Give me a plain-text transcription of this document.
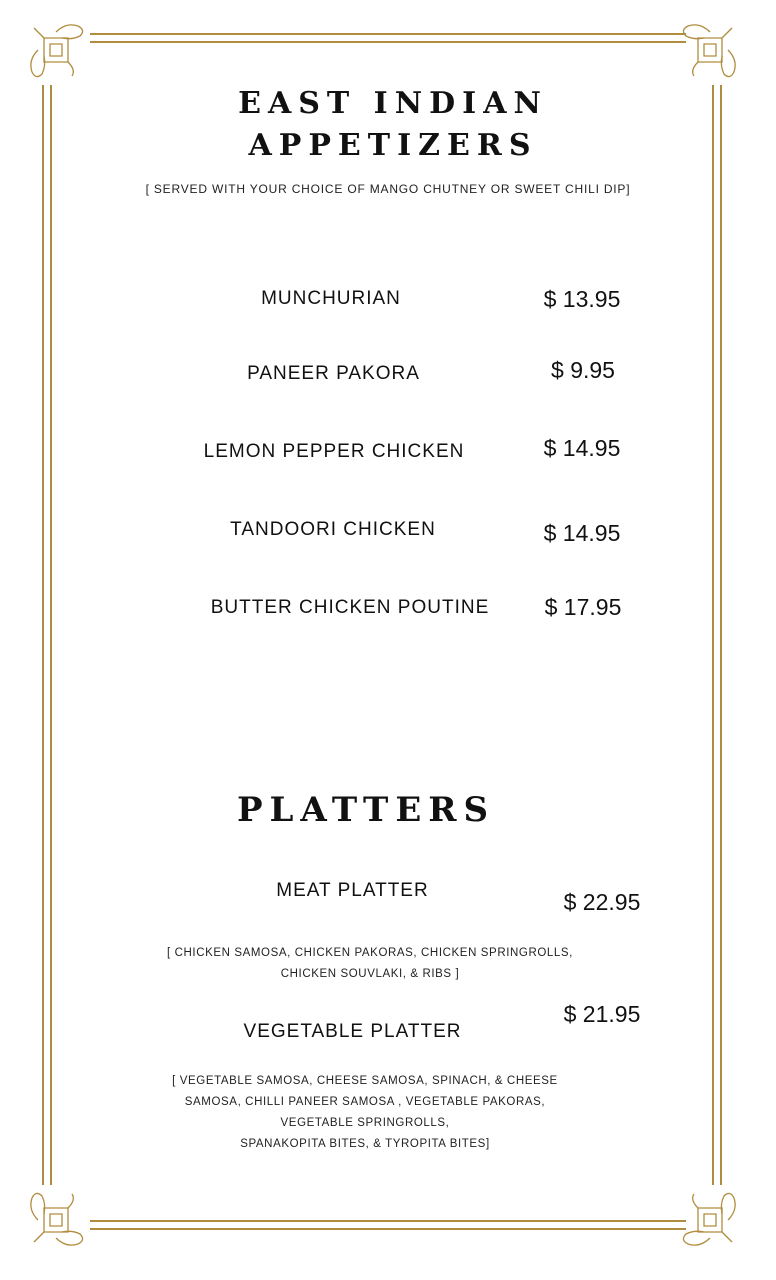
EAST INDIAN
APPETIZERS
[ SERVED WITH YOUR CHOICE OF MANGO CHUTNEY OR SWEET CHILI DIP]
MUNCHURIAN	$ 13.95
PANEER PAKORA	$ 9.95
LEMON PEPPER CHICKEN	$ 14.95
TANDOORI CHICKEN	$ 14.95
BUTTER CHICKEN POUTINE	$ 17.95
PLATTERS
MEAT PLATTER	$ 22.95
[ CHICKEN SAMOSA, CHICKEN PAKORAS, CHICKEN SPRINGROLLS,
CHICKEN SOUVLAKI, & RIBS ]
VEGETABLE PLATTER
$ 21.95
[ VEGETABLE SAMOSA, CHEESE SAMOSA, SPINACH, & CHEESE
SAMOSA, CHILLI PANEER SAMOSA , VEGETABLE PAKORAS,
VEGETABLE SPRINGROLLS,
SPANAKOPITA BITES, & TYROPITA BITES]
